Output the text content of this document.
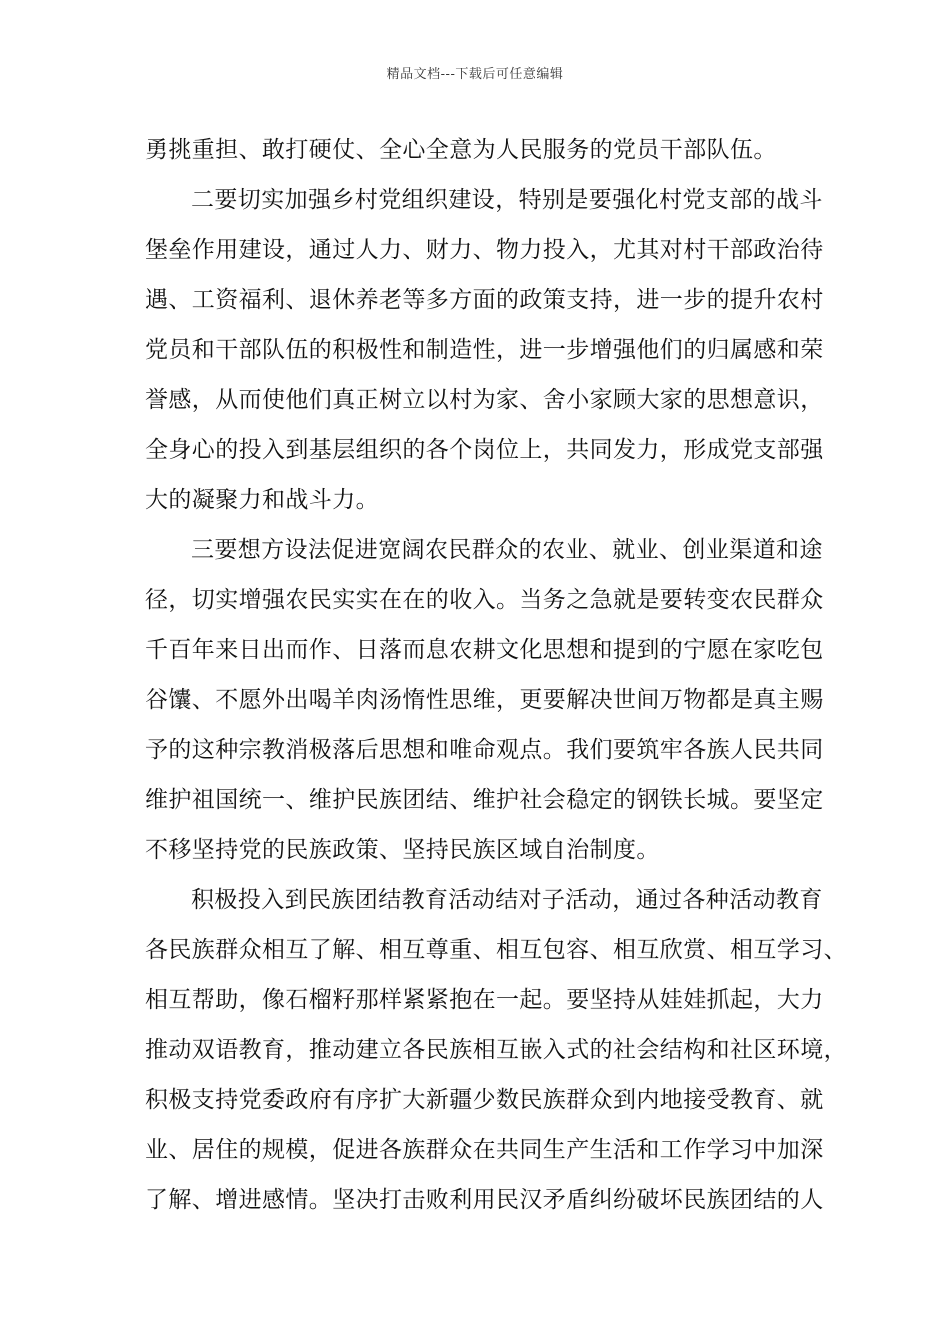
精品文档---下载后可任意编辑
勇挑重担、敢打硬仗、全心全意为人民服务的党员干部队伍。
二要切实加强乡村党组织建设，特别是要强化村党支部的战斗
堡垒作用建设，通过人力、财力、物力投入，尤其对村干部政治待
遇、工资福利、退休养老等多方面的政策支持，进一步的提升农村
党员和干部队伍的积极性和制造性，进一步增强他们的归属感和荣
誉感，从而使他们真正树立以村为家、舍小家顾大家的思想意识，
全身心的投入到基层组织的各个岗位上，共同发力，形成党支部强
大的凝聚力和战斗力。
三要想方设法促进宽阔农民群众的农业、就业、创业渠道和途
径，切实增强农民实实在在的收入。当务之急就是要转变农民群众
千百年来日出而作、日落而息农耕文化思想和提到的宁愿在家吃包
谷馕、不愿外出喝羊肉汤惰性思维，更要解决世间万物都是真主赐
予的这种宗教消极落后思想和唯命观点。我们要筑牢各族人民共同
维护祖国统一、维护民族团结、维护社会稳定的钢铁长城。要坚定
不移坚持党的民族政策、坚持民族区域自治制度。
积极投入到民族团结教育活动结对子活动，通过各种活动教育
各民族群众相互了解、相互尊重、相互包容、相互欣赏、相互学习、
相互帮助，像石榴籽那样紧紧抱在一起。要坚持从娃娃抓起，大力
推动双语教育，推动建立各民族相互嵌入式的社会结构和社区环境，
积极支持党委政府有序扩大新疆少数民族群众到内地接受教育、就
业、居住的规模，促进各族群众在共同生产生活和工作学习中加深
了解、增进感情。坚决打击败利用民汉矛盾纠纷破坏民族团结的人
